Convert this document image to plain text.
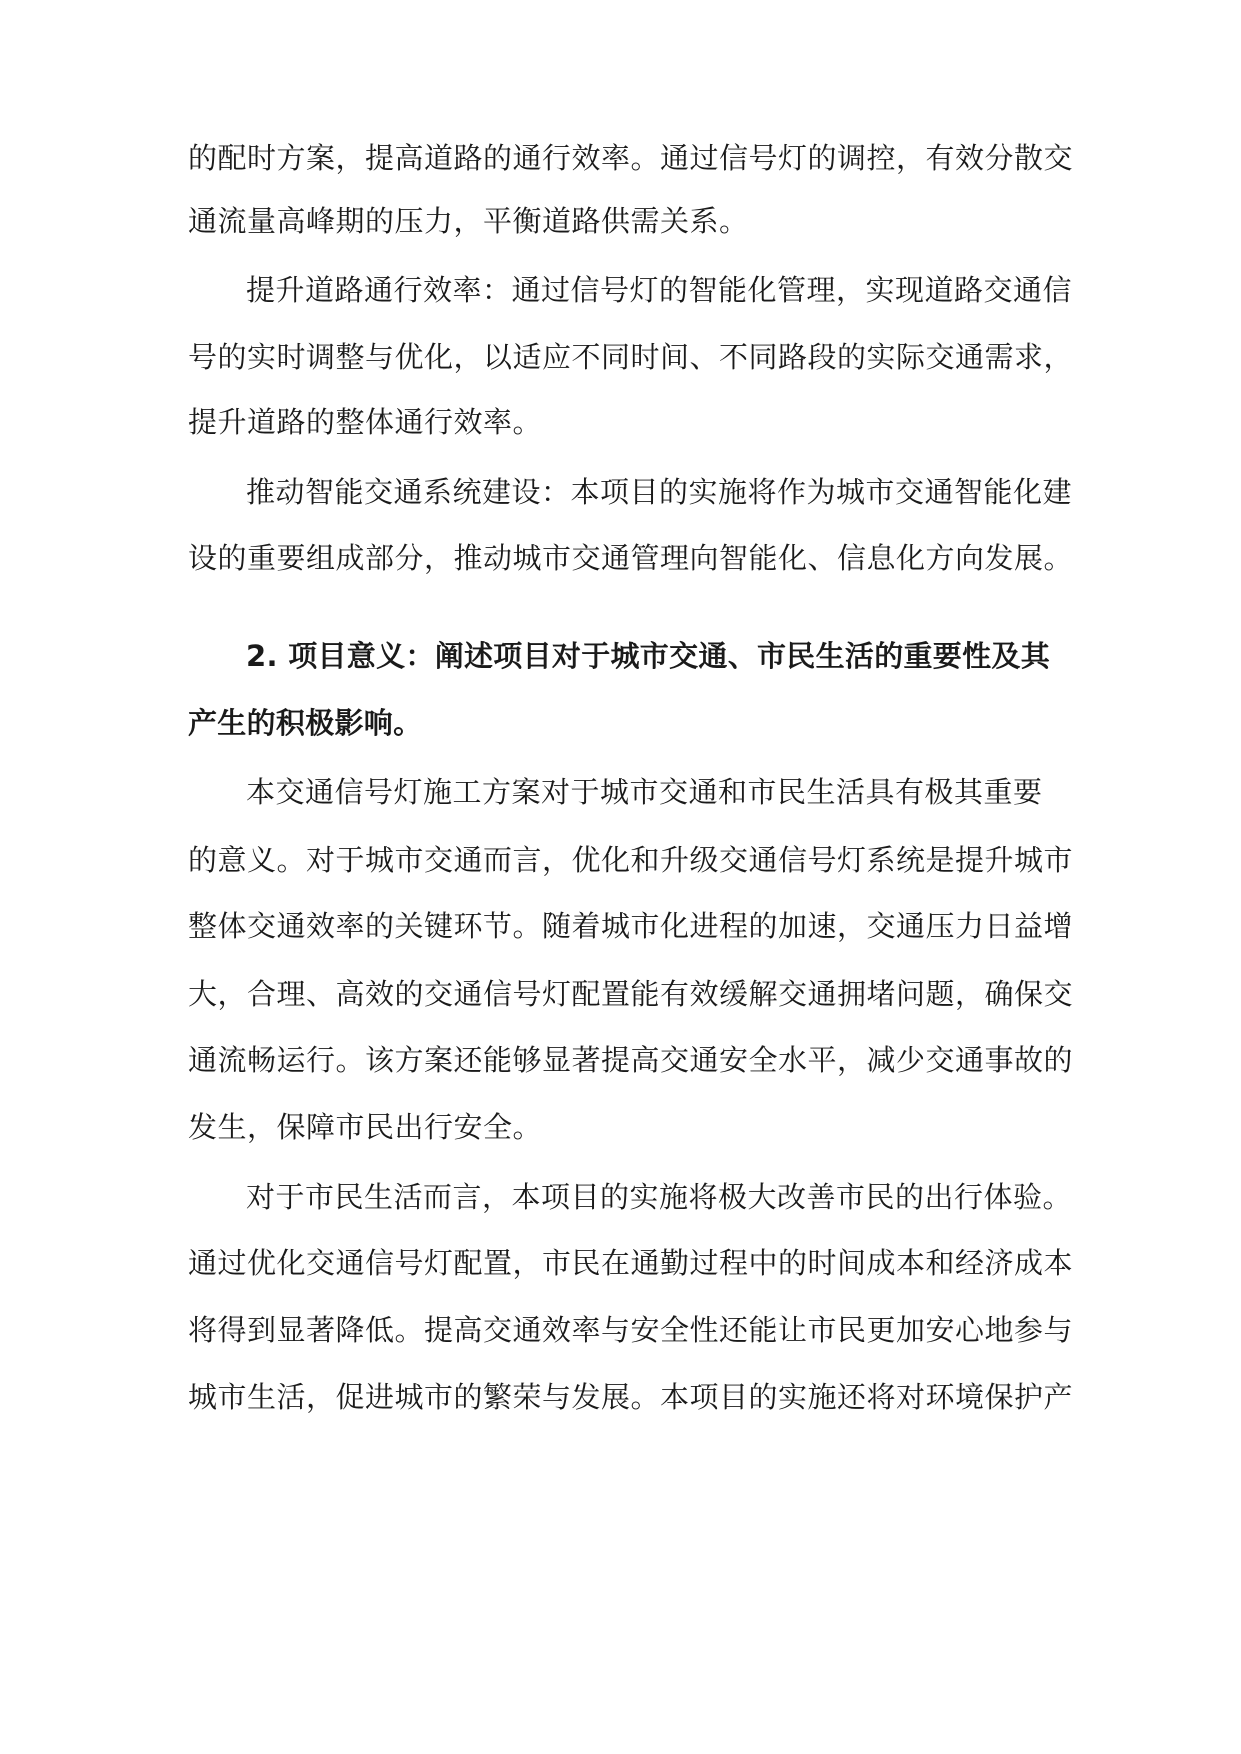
的配时方案，提高道路的通行效率。通过信号灯的调控，有效分散交
通流量高峰期的压力，平衡道路供需关系。
提升道路通行效率：通过信号灯的智能化管理，实现道路交通信
号的实时调整与优化，以适应不同时间、不同路段的实际交通需求，
提升道路的整体通行效率。
推动智能交通系统建设：本项目的实施将作为城市交通智能化建
设的重要组成部分，推动城市交通管理向智能化、信息化方向发展。
2. 项目意义：阐述项目对于城市交通、市民生活的重要性及其
产生的积极影响。
本交通信号灯施工方案对于城市交通和市民生活具有极其重要
的意义。对于城市交通而言，优化和升级交通信号灯系统是提升城市
整体交通效率的关键环节。随着城市化进程的加速，交通压力日益增
大，合理、高效的交通信号灯配置能有效缓解交通拥堵问题，确保交
通流畅运行。该方案还能够显著提高交通安全水平，减少交通事故的
发生，保障市民出行安全。
对于市民生活而言，本项目的实施将极大改善市民的出行体验。
通过优化交通信号灯配置，市民在通勤过程中的时间成本和经济成本
将得到显著降低。提高交通效率与安全性还能让市民更加安心地参与
城市生活，促进城市的繁荣与发展。本项目的实施还将对环境保护产
